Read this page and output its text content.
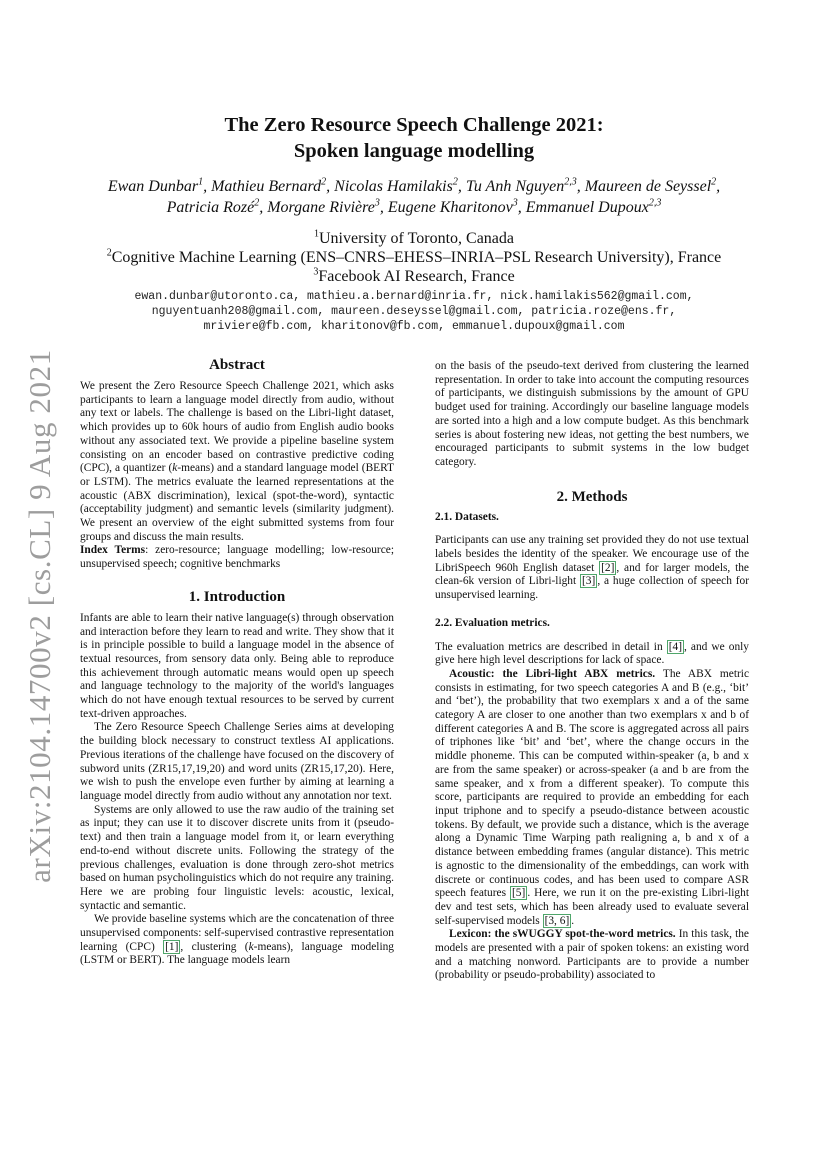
arXiv:2104.14700v2 [cs.CL] 9 Aug 2021
The Zero Resource Speech Challenge 2021:
Spoken language modelling
Ewan Dunbar$^1$, Mathieu Bernard$^2$, Nicolas Hamilakis$^2$, Tu Anh Nguyen$^{2,3}$, Maureen de Seyssel$^2$,
Patricia Rozé$^2$, Morgane Rivière$^3$, Eugene Kharitonov$^3$, Emmanuel Dupoux$^{2,3}$
$^1$University of Toronto, Canada
$^2$Cognitive Machine Learning (ENS–CNRS–EHESS–INRIA–PSL Research University), France
$^3$Facebook AI Research, France
ewan.dunbar@utoronto.ca, mathieu.a.bernard@inria.fr, nick.hamilakis562@gmail.com,
nguyentuanh208@gmail.com, maureen.deseyssel@gmail.com, patricia.roze@ens.fr,
mriviere@fb.com, kharitonov@fb.com, emmanuel.dupoux@gmail.com

Abstract

We present the Zero Resource Speech Challenge 2021, which asks participants to learn a language model directly from audio, without any text or labels. The challenge is based on the Libri-light dataset, which provides up to 60k hours of audio from English audio books without any associated text. We provide a pipeline baseline system consisting on an encoder based on contrastive predictive coding (CPC), a quantizer (k-means) and a standard language model (BERT or LSTM). The metrics evaluate the learned representations at the acoustic (ABX discrimination), lexical (spot-the-word), syntactic (acceptability judgment) and semantic levels (similarity judgment). We present an overview of the eight submitted systems from four groups and discuss the main results.

Index Terms: zero-resource; language modelling; low-resource; unsupervised speech; cognitive benchmarks

1. Introduction

Infants are able to learn their native language(s) through observation and interaction before they learn to read and write. They show that it is in principle possible to build a language model in the absence of textual resources, from sensory data only. Being able to reproduce this achievement through automatic means would open up speech and language technology to the majority of the world's languages which do not have enough textual resources to be served by current text-driven approaches.

The Zero Resource Speech Challenge Series aims at developing the building block necessary to construct textless AI applications. Previous iterations of the challenge have focused on the discovery of subword units (ZR15,17,19,20) and word units (ZR15,17,20). Here, we wish to push the envelope even further by aiming at learning a language model directly from audio without any annotation nor text.

Systems are only allowed to use the raw audio of the training set as input; they can use it to discover discrete units from it (pseudo-text) and then train a language model from it, or learn everything end-to-end without discrete units. Following the strategy of the previous challenges, evaluation is done through zero-shot metrics based on human psycholinguistics which do not require any training. Here we are probing four linguistic levels: acoustic, lexical, syntactic and semantic.

We provide baseline systems which are the concatenation of three unsupervised components: self-supervised contrastive representation learning (CPC) [1] , clustering (k-means), language modeling (LSTM or BERT). The language models learn

on the basis of the pseudo-text derived from clustering the learned representation. In order to take into account the computing resources of participants, we distinguish submissions by the amount of GPU budget used for training. Accordingly our baseline language models are sorted into a high and a low compute budget. As this benchmark series is about fostering new ideas, not getting the best numbers, we encouraged participants to submit systems in the low budget category.

2. Methods

2.1. Datasets.

Participants can use any training set provided they do not use textual labels besides the identity of the speaker. We encourage use of the LibriSpeech 960h English dataset [2] , and for larger models, the clean-6k version of Libri-light [3] , a huge collection of speech for unsupervised learning.

2.2. Evaluation metrics.

The evaluation metrics are described in detail in [4] , and we only give here high level descriptions for lack of space.

Acoustic: the Libri-light ABX metrics. The ABX metric consists in estimating, for two speech categories A and B (e.g., ‘bit’ and ‘bet’), the probability that two exemplars x and a of the same category A are closer to one another than two exemplars x and b of different categories A and B. The score is aggregated across all pairs of triphones like ‘bit’ and ‘bet’, where the change occurs in the middle phoneme. This can be computed within-speaker (a, b and x are from the same speaker) or across-speaker (a and b are from the same speaker, and x from a different speaker). To compute this score, participants are required to provide an embedding for each input triphone and to specify a pseudo-distance between acoustic tokens. By default, we provide such a distance, which is the average along a Dynamic Time Warping path realigning a, b and x of a distance between embedding frames (angular distance). This metric is agnostic to the dimensionality of the embeddings, can work with discrete or continuous codes, and has been used to compare ASR speech features [5] . Here, we run it on the pre-existing Libri-light dev and test sets, which has been already used to evaluate several self-supervised models [3, 6] .

Lexicon: the sWUGGY spot-the-word metrics. In this task, the models are presented with a pair of spoken tokens: an existing word and a matching nonword. Participants are to provide a number (probability or pseudo-probability) associated to
